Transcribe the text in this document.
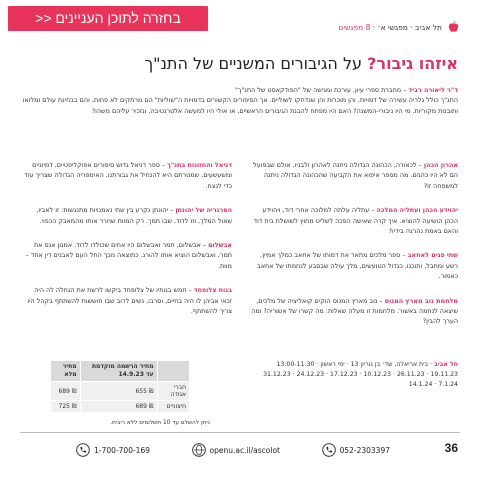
תל אביב · מפגשי א׳ · 8 מפגשים
בחזרה לתוכן העניינים <<
איזהו גיבור? על הגיבורים המשניים של התנ"ך
ד"ר ליאורה רביד – מחברת ספרי עיון, עורכת ומגישה של "הפודקאסט של התנ"ך"
התנ"ך כולל גלריה עשירה של דמויות, והן מוכרות והן שנדחקו לשוליים. אך הסיפורים הקשורים בדמויות ה"שוליות" הם מרתקים לא פחות, והם בבחינת עולם ומלואו ותובנות מקוריות. מי היו גיבורי-המשנה? האם היו מפתח להבנת הגיבורים הראשיים, או אולי היו למעשה אלטרנטיבה, ונזכיר עליהם משהו?
אהרון הכהן – לכאורה, הכהונה הגדולה ניתנה לאהרון ולבניו, אולם שבפועל הם לא היו כהנים. מה מספר איפוא את הקביעה שהכהונה הגדולה ניתנה למשפחה זו?
יהוידע הכהן ועתליה המלכה – עתליה עלתה למלוכה אחרי דוד, ויהוידע הכהן הושיעה להוציא. איך קרה שאישה הפכה לשליט מחוץ לשושלת בית דוד והאם באמת נהרגה בידיו?
שתי פנים לאחאב – ספר מלכים מתאר את דמותו של אחאב כמלך אמיץ, רשע ומחבל, ותוכנו, כגדול הטועשים, מלך עולה שבסבע לנחמתו של אחאב כאמור.
מלחמת נוב מארץ המנוס – נוב מארץ המנוס הוקים קואליציה של מלכים, שיצאה לנחמה באשור. מלחמות זו מעלה שאלות: מה קשרו של אשוריה? ומה הערך להבין?
דניאל והחזונות בתנ"ך – ספר דניאל גדוש סיפורים אפוקליפטיים, דמיוניים ומשעשעים, שמטרתם היא להנחיל את גבורתנו, האימפריה הגדולה שצריך עוד כדי לנצח.
הסרגריה של יהונתן – יהונתן נקרע בין שתי נאמנויות מתנגשות: זו לאביו, שאול המלך, וזו לדוד, שבו תמך. רק המוות שחרר אותו מהמאבק הכפוי.
אבשלום – אבשלום, תמר ואבשלום היו אחים שכולדו לדוד. אמנון אנס את תמר, ואבשלום הוציא אותו להורג. כתוצאה מכך החל העם לאבנים דין אחד – מוות.
בנות צלופחד – חמש בנותיו של צלופחד ביקשו לרשת את הנחלה לה היה זכאי אביהן לו היה בחיים, וסרבו, נשים לרוב שבו חוששות להשתתף בקהל היו צריך להשתתף.
תל אביב · בית אריאלה, שד׳ בן גוריון 13 · ימי ראשון · 13:00-11:30
19.11.23 · 26.11.23 · 10.12.23 · 17.12.23 · 24.12.23 · 31.12.23
7.1.24 · 14.1.24
	מחיר הרשמה מוקדמת עד 14.9.23	מחיר מלא
חברי אגודה	₪ 655	₪ 689
חיצוניים	₪ 689	₪ 725
ניתן להשלם עד 10 תשלומים ללא ריבית.
36
052-2303397
openu.ac.il/ascolot
1-700-700-169
